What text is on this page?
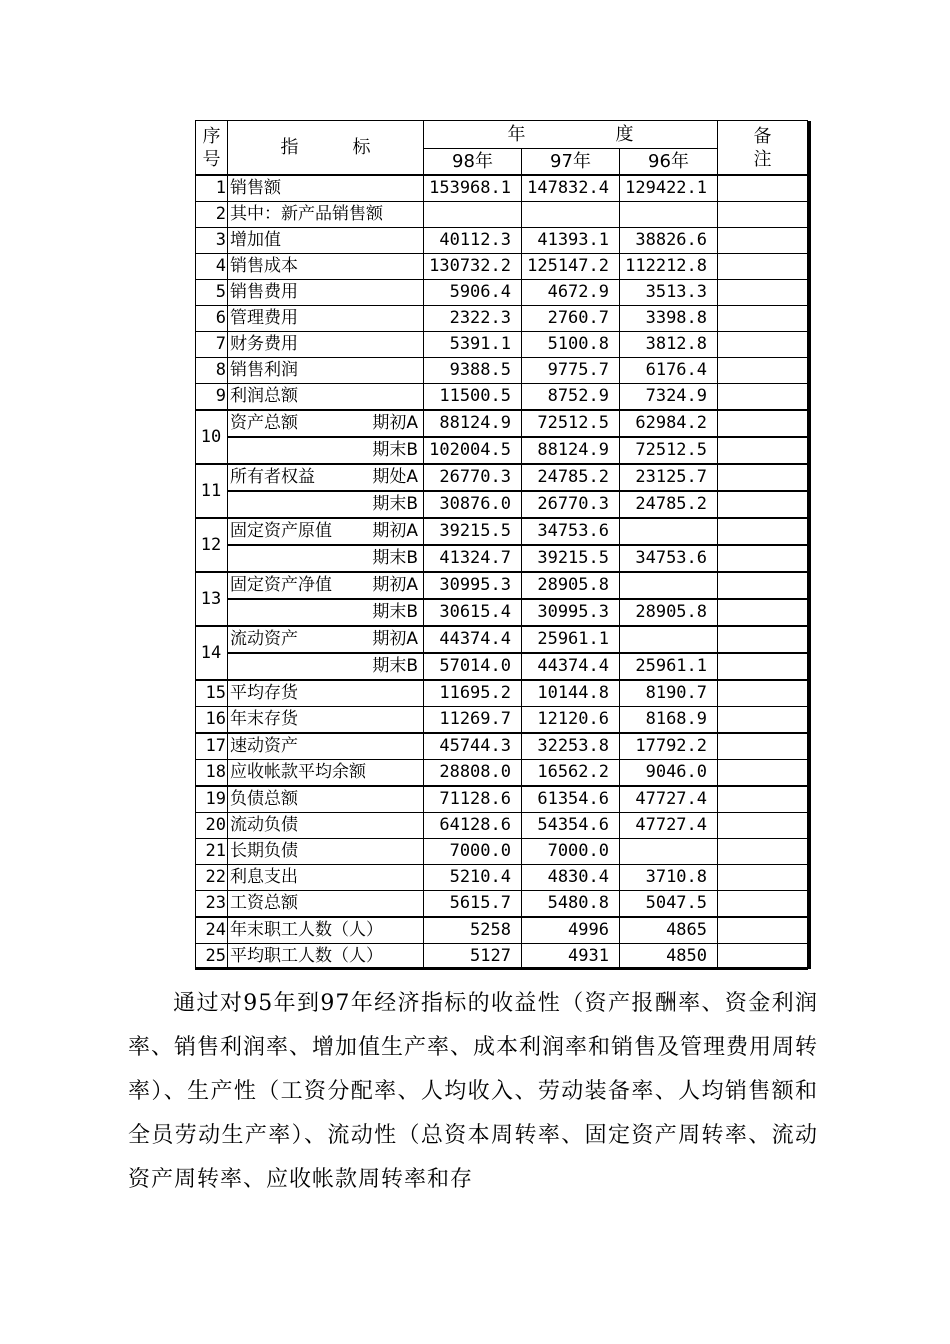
序
号	指　　　标	年　　　　　度			备
注

		98年	97年	96年	
1	销售额	153968.1	147832.4	129422.1	
2	其中：新产品销售额				
3	增加值	40112.3	41393.1	38826.6	
4	销售成本	130732.2	125147.2	112212.8	
5	销售费用	5906.4	4672.9	3513.3	
6	管理费用	2322.3	2760.7	3398.8	
7	财务费用	5391.1	5100.8	3812.8	
8	销售利润	9388.5	9775.7	6176.4	
9	利润总额	11500.5	8752.9	7324.9	
10	资产总额 期初A	88124.9	72512.5	62984.2	

	期末B	102004.5	88124.9	72512.5	
11	所有者权益 期处A	26770.3	24785.2	23125.7	

	期末B	30876.0	26770.3	24785.2	
12	固定资产原值 期初A	39215.5	34753.6		

	期末B	41324.7	39215.5	34753.6	
13	固定资产净值 期初A	30995.3	28905.8		

	期末B	30615.4	30995.3	28905.8	
14	流动资产 期初A	44374.4	25961.1		

	期末B	57014.0	44374.4	25961.1	
15	平均存货	11695.2	10144.8	8190.7	
16	年末存货	11269.7	12120.6	8168.9	
17	速动资产	45744.3	32253.8	17792.2	
18	应收帐款平均余额	28808.0	16562.2	9046.0	
19	负债总额	71128.6	61354.6	47727.4	
20	流动负债	64128.6	54354.6	47727.4	
21	长期负债	7000.0	7000.0		
22	利息支出	5210.4	4830.4	3710.8	
23	工资总额	5615.7	5480.8	5047.5	
24	年末职工人数（人）	5258	4996	4865	
25	平均职工人数（人）	5127	4931	4850	

通过对95年到97年经济指标的收益性（资产报酬率、资金利润率、销售利润率、增加值生产率、成本利润率和销售及管理费用周转率）、生产性（工资分配率、人均收入、劳动装备率、人均销售额和全员劳动生产率）、流动性（总资本周转率、固定资产周转率、流动资产周转率、应收帐款周转率和存
